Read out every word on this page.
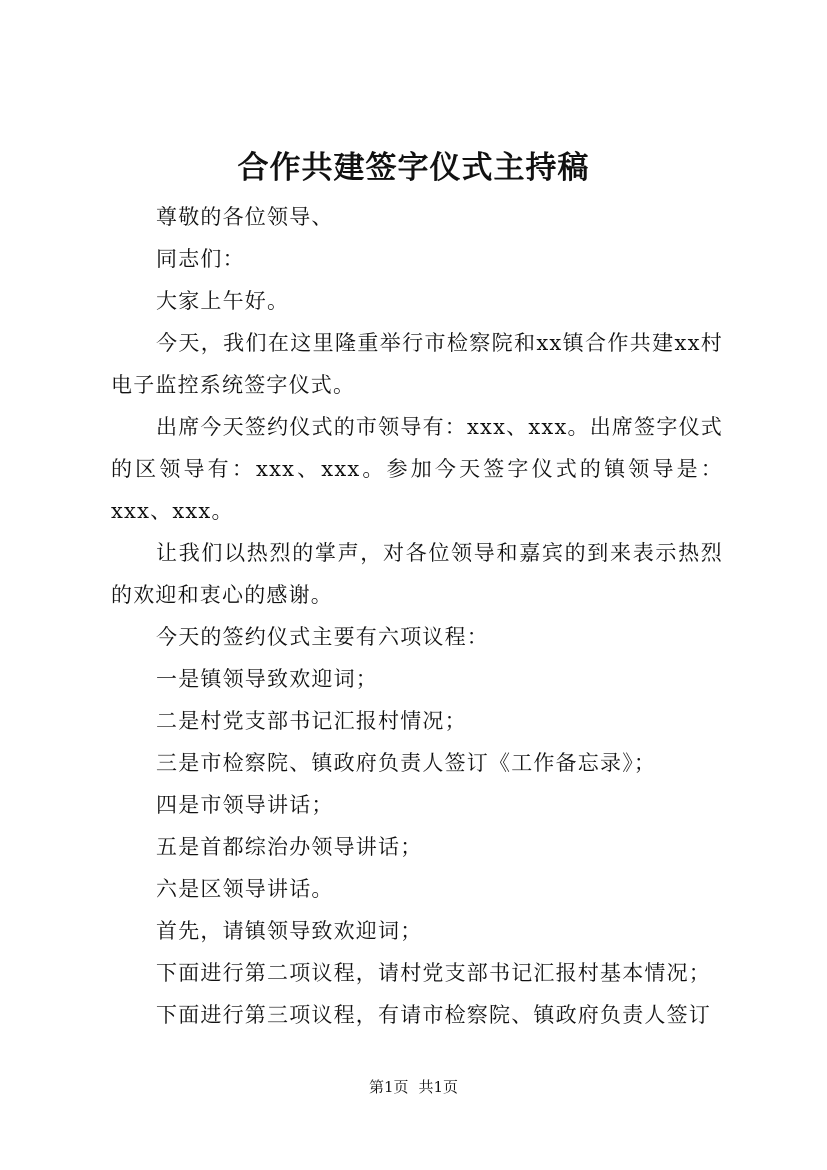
合作共建签字仪式主持稿

尊敬的各位领导、

同志们：

大家上午好。

今天，我们在这里隆重举行市检察院和xx镇合作共建xx村电子监控系统签字仪式。

出席今天签约仪式的市领导有：xxx、xxx。出席签字仪式的区领导有：xxx、xxx。参加今天签字仪式的镇领导是：xxx、xxx。

让我们以热烈的掌声，对各位领导和嘉宾的到来表示热烈的欢迎和衷心的感谢。

今天的签约仪式主要有六项议程：

一是镇领导致欢迎词；

二是村党支部书记汇报村情况；

三是市检察院、镇政府负责人签订《工作备忘录》；

四是市领导讲话；

五是首都综治办领导讲话；

六是区领导讲话。

首先，请镇领导致欢迎词；

下面进行第二项议程，请村党支部书记汇报村基本情况；

下面进行第三项议程，有请市检察院、镇政府负责人签订

第1页 共1页
